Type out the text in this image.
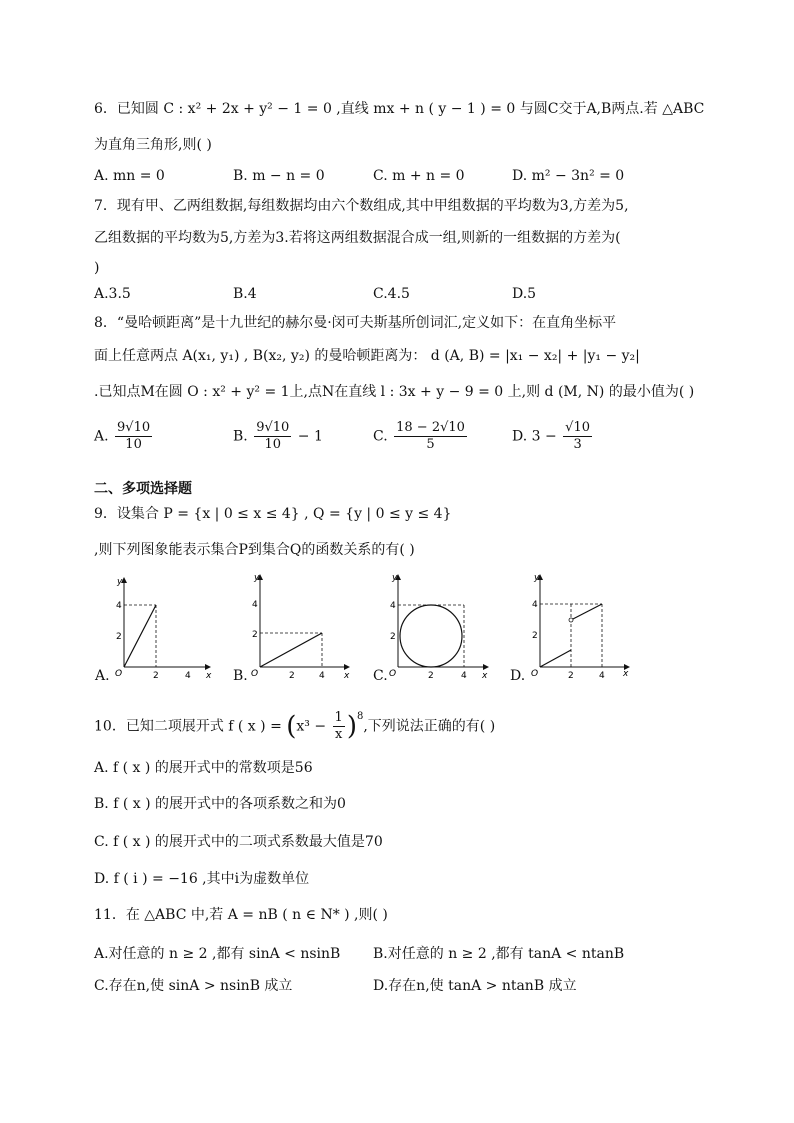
6．已知圆 C : x² + 2x + y² − 1 = 0 ,直线 mx + n ( y − 1 ) = 0 与圆C交于A,B两点.若 △ABC
为直角三角形,则( )
A. mn = 0	B. m − n = 0	C. m + n = 0	D. m² − 3n² = 0
7．现有甲、乙两组数据,每组数据均由六个数组成,其中甲组数据的平均数为3,方差为5,
乙组数据的平均数为5,方差为3.若将这两组数据混合成一组,则新的一组数据的方差为(
)
A.3.5	B.4	C.4.5	D.5
8．“曼哈顿距离”是十九世纪的赫尔曼·闵可夫斯基所创词汇,定义如下：在直角坐标平
面上任意两点 A(x₁, y₁) , B(x₂, y₂) 的曼哈顿距离为： d (A, B) = |x₁ − x₂| + |y₁ − y₂|
.已知点M在圆 O : x² + y² = 1上,点N在直线 l : 3x + y − 9 = 0 上,则 d (M, N) 的最小值为( )
A. $\frac{9√10}{10}$	B. $\frac{9√10}{10} - 1$	C. $\frac{18 - 2√10}{5}$	D. $3 - \frac{√10}{3}$
二、多项选择题
9．设集合 P = {x | 0 ≤ x ≤ 4} , Q = {y | 0 ≤ y ≤ 4}
,则下列图象能表示集合P到集合Q的函数关系的有( )
y
x
O
4
2
2	4
A.
y
x
O
4
2
2	4
B.
y
x
O
4
2
2	4
C.
y
x
O
4
2
2	4
D.
10．已知二项展开式 f ( x ) = $(x^3 - \frac{1}{x} )^8$,下列说法正确的有( )
A. f ( x ) 的展开式中的常数项是56
B. f ( x ) 的展开式中的各项系数之和为0
C. f ( x ) 的展开式中的二项式系数最大值是70
D. f ( i ) = −16 ,其中i为虚数单位
11．在 △ABC 中,若 A = nB ( n ∈ N* ) ,则( )
A.对任意的 n ≥ 2 ,都有 sinA < nsinB B.对任意的 n ≥ 2 ,都有 tanA < ntanB
C.存在n,使 sinA > nsinB 成立	D.存在n,使 tanA > ntanB 成立
